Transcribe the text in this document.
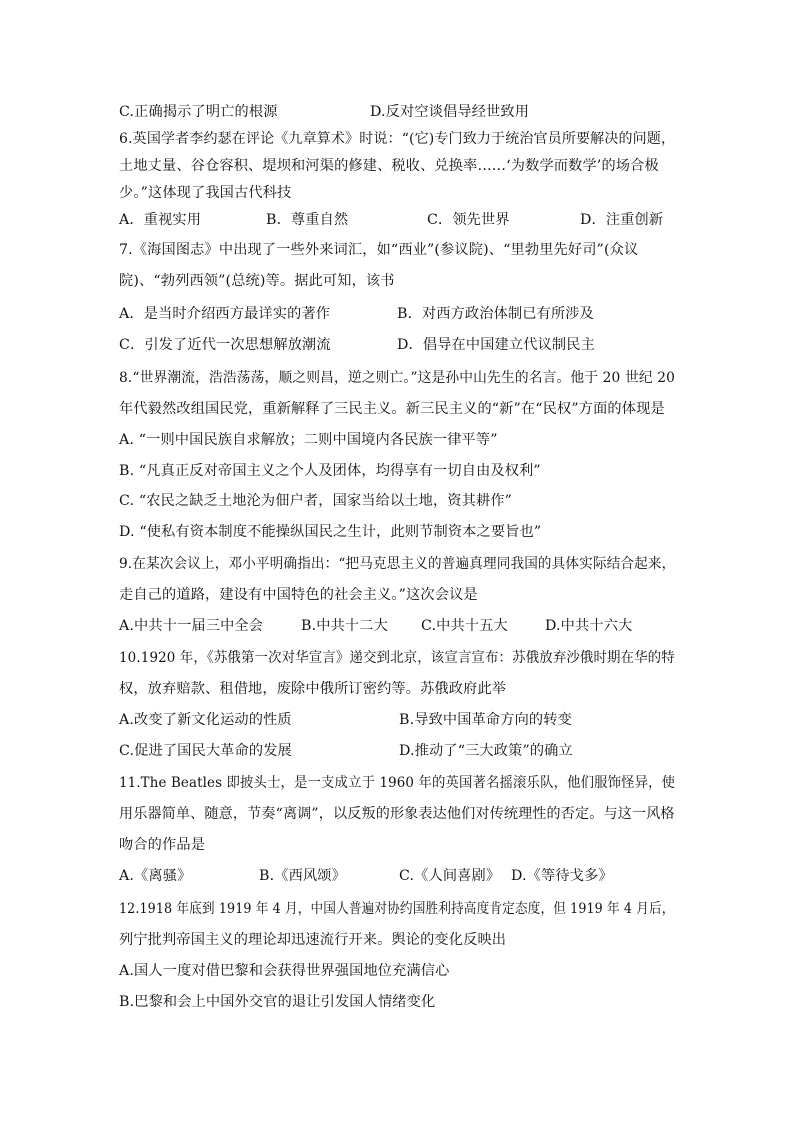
C.正确揭示了明亡的根源	D.反对空谈倡导经世致用
6.英国学者李约瑟在评论《九章算术》时说：“(它)专门致力于统治官员所要解决的问题，
土地丈量、谷仓容积、堤坝和河渠的修建、税收、兑换率……‘为数学而数学’的场合极
少。”这体现了我国古代科技
A．重视实用	B．尊重自然	C．领先世界	D．注重创新
7.《海国图志》中出现了一些外来词汇，如“西业”(参议院)、“里勃里先好司”(众议
院)、“勃列西领”(总统)等。据此可知，该书
A．是当时介绍西方最详实的著作	B．对西方政治体制已有所涉及
C．引发了近代一次思想解放潮流	D．倡导在中国建立代议制民主
8.“世界潮流，浩浩荡荡，顺之则昌，逆之则亡。”这是孙中山先生的名言。他于 20 世纪 20
年代毅然改组国民党，重新解释了三民主义。新三民主义的“新”在“民权”方面的体现是
A. “一则中国民族自求解放；二则中国境内各民族一律平等”
B. “凡真正反对帝国主义之个人及团体，均得享有一切自由及权利”
C. “农民之缺乏土地沦为佃户者，国家当给以土地，资其耕作”
D. “使私有资本制度不能操纵国民之生计，此则节制资本之要旨也”
9.在某次会议上，邓小平明确指出：“把马克思主义的普遍真理同我国的具体实际结合起来，
走自己的道路，建设有中国特色的社会主义。”这次会议是
A.中共十一届三中全会	B.中共十二大 C.中共十五大	D.中共十六大
10.1920 年，《苏俄第一次对华宣言》递交到北京，该宣言宣布：苏俄放弃沙俄时期在华的特
权，放弃赔款、租借地，废除中俄所订密约等。苏俄政府此举
A.改变了新文化运动的性质	B.导致中国革命方向的转变
C.促进了国民大革命的发展	D.推动了“三大政策”的确立
11.The Beatles 即披头士，是一支成立于 1960 年的英国著名摇滚乐队，他们服饰怪异，使
用乐器简单、随意，节奏“离调”，以反叛的形象表达他们对传统理性的否定。与这一风格
吻合的作品是
A.《离骚》	B.《西风颂》	C.《人间喜剧》 D.《等待戈多》
12.1918 年底到 1919 年 4 月，中国人普遍对协约国胜利持高度肯定态度，但 1919 年 4 月后，
列宁批判帝国主义的理论却迅速流行开来。舆论的变化反映出
A.国人一度对借巴黎和会获得世界强国地位充满信心
B.巴黎和会上中国外交官的退让引发国人情绪变化
